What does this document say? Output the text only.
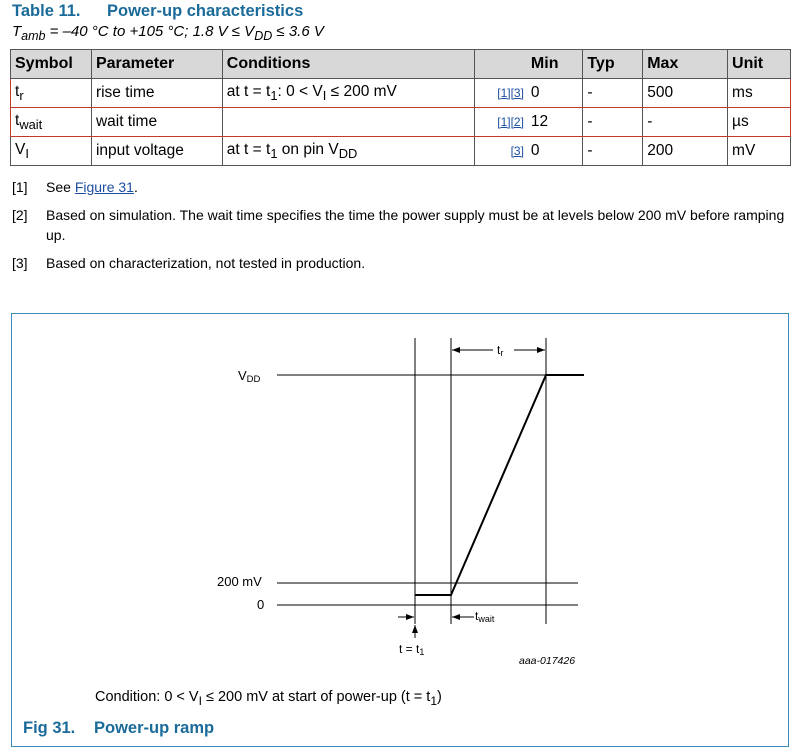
Table 11. Power-up characteristics
$T_{amb} = -40$ °C to +105 °C; 1.8 $V \le V_{DD} \le 3.6$ V
Symbol	Parameter	Conditions		Min	Typ	Max	Unit
$t_r$	rise time	at $t = t_1$: $0 < V_I \le 200$ mV	[1][3]	0	-	500	ms
$t_{wait}$	wait time		[1][2]	12	-	-	µs
$V_I$	input voltage	at $t = t_1$ on pin $V_{DD}$	[3]	0	-	200	mV
[1]	See Figure 31.
[2]	Based on simulation. The wait time specifies the time the power supply must be at levels below 200 mV before ramping up.
[3]	Based on characterization, not tested in production.
VDD
200 mV
0
tr
twait
t = t1
aaa-017426
Condition: $0 < V_I \le 200$ mV at start of power-up $(t = t_1)$
Fig 31. Power-up ramp
